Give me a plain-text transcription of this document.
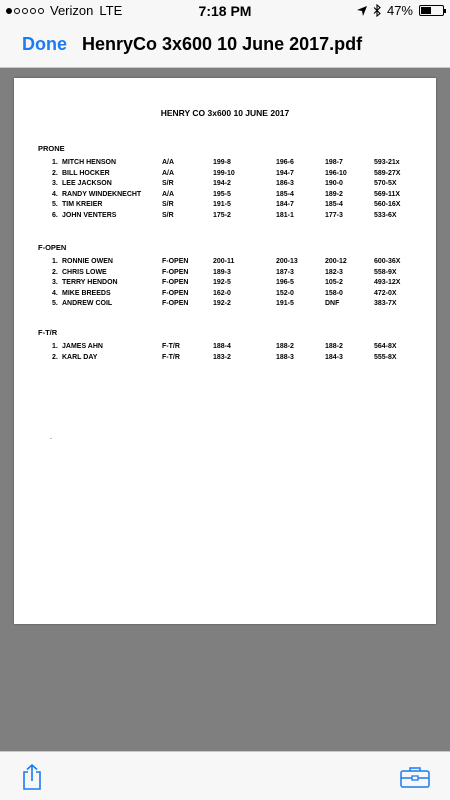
Verizon LTE	7:18 PM	47%
Done HenryCo 3x600 10 June 2017.pdf
HENRY CO 3x600 10 JUNE 2017
.
PRONE
1. MITCH HENSON	A/A	199-8	196-6	198-7	593-21x
2. BILL HOCKER	A/A	199-10	194-7	196-10	589-27X
3. LEE JACKSON	S/R	194-2	186-3	190-0	570-5X
4. RANDY WINDEKNECHT	A/A	195-5	185-4	189-2	569-11X
5. TIM KREIER	S/R	191-5	184-7	185-4	560-16X
6. JOHN VENTERS	S/R	175-2	181-1	177-3	533-6X
F-OPEN
1. RONNIE OWEN	F-OPEN	200-11	200-13	200-12	600-36X
2. CHRIS LOWE	F-OPEN	189-3	187-3	182-3	558-9X
3. TERRY HENDON	F-OPEN	192-5	196-5	105-2	493-12X
4. MIKE BREEDS	F-OPEN	162-0	152-0	158-0	472-0X
5. ANDREW COIL	F-OPEN	192-2	191-5	DNF	383-7X
F-T/R
1. JAMES AHN	F-T/R	188-4	188-2	188-2	564-8X
2. KARL DAY	F-T/R	183-2	188-3	184-3	555-8X
